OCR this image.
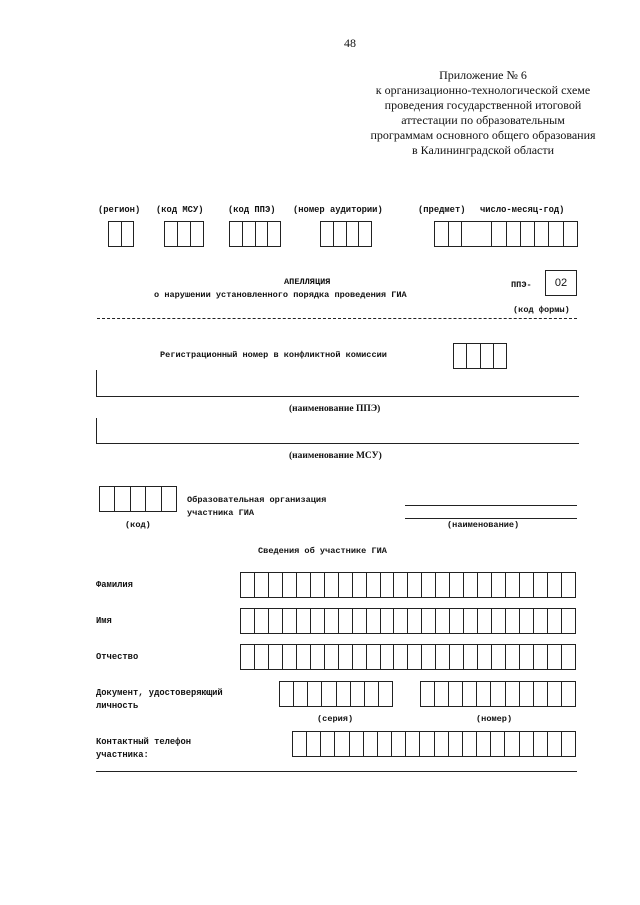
48
Приложение № 6
к организационно-технологической схеме
проведения государственной итоговой
аттестации по образовательным
программам основного общего образования
в Калининградской области
(регион) (код МСУ)	(код ППЭ) (номер аудитории)	(предмет) число-месяц-год)
АПЕЛЛЯЦИЯ
о нарушении установленного порядка проведения ГИА
ППЭ-	02
(код формы)
Регистрационный номер в конфликтной комиссии
(наименование ППЭ)
(наименование МСУ)
(код)
Образовательная организация
участника ГИА
(наименование)
Сведения об участнике ГИА
Фамилия
Имя
Отчество
Документ, удостоверяющий
личность
(серия)	(номер)
Контактный телефон
участника:
